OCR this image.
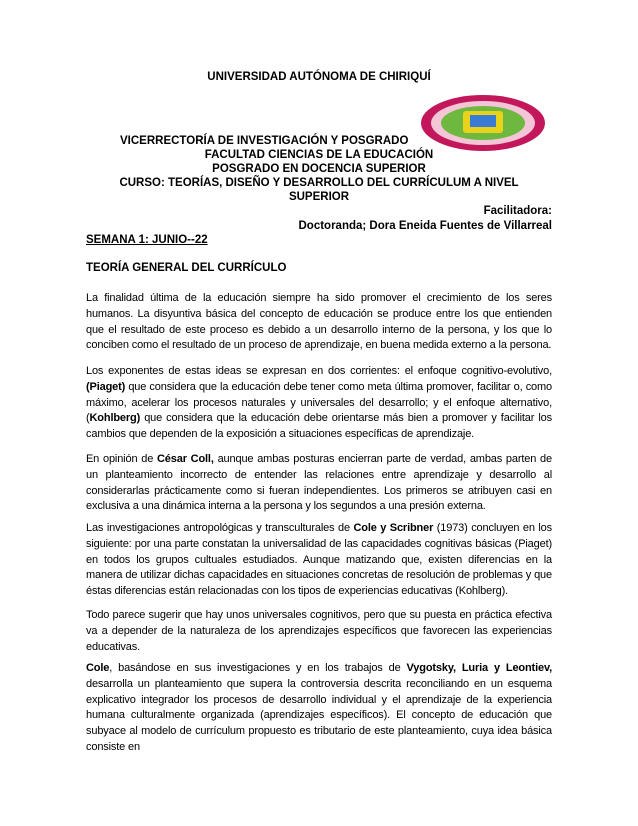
UNIVERSIDAD AUTÓNOMA DE CHIRIQUÍ
VICERRECTORÍA DE INVESTIGACIÓN Y POSGRADO
FACULTAD CIENCIAS DE LA EDUCACIÓN
POSGRADO EN DOCENCIA SUPERIOR
CURSO: TEORÍAS, DISEÑO Y DESARROLLO DEL CURRÍCULUM A NIVEL
SUPERIOR
Facilitadora:
Doctoranda; Dora Eneida Fuentes de Villarreal
SEMANA 1: JUNIO--22
TEORÍA GENERAL DEL CURRÍCULO
La finalidad última de la educación siempre ha sido promover el crecimiento de los seres humanos. La disyuntiva básica del concepto de educación se produce entre los que entienden que el resultado de este proceso es debido a un desarrollo interno de la persona, y los que lo conciben como el resultado de un proceso de aprendizaje, en buena medida externo a la persona.
Los exponentes de estas ideas se expresan en dos corrientes: el enfoque cognitivo-evolutivo, (Piaget) que considera que la educación debe tener como meta última promover, facilitar o, como máximo, acelerar los procesos naturales y universales del desarrollo; y el enfoque alternativo, (Kohlberg) que considera que la educación debe orientarse más bien a promover y facilitar los cambios que dependen de la exposición a situaciones específicas de aprendizaje.
En opinión de César Coll, aunque ambas posturas encierran parte de verdad, ambas parten de un planteamiento incorrecto de entender las relaciones entre aprendizaje y desarrollo al considerarlas prácticamente como si fueran independientes. Los primeros se atribuyen casi en exclusiva a una dinámica interna a la persona y los segundos a una presión externa.
Las investigaciones antropológicas y transculturales de Cole y Scribner (1973) concluyen en los siguiente: por una parte constatan la universalidad de las capacidades cognitivas básicas (Piaget) en todos los grupos cultuales estudiados. Aunque matizando que, existen diferencias en la manera de utilizar dichas capacidades en situaciones concretas de resolución de problemas y que éstas diferencias están relacionadas con los tipos de experiencias educativas (Kohlberg).
Todo parece sugerir que hay unos universales cognitivos, pero que su puesta en práctica efectiva va a depender de la naturaleza de los aprendizajes específicos que favorecen las experiencias educativas.
Cole, basándose en sus investigaciones y en los trabajos de Vygotsky, Luria y Leontiev, desarrolla un planteamiento que supera la controversia descrita reconciliando en un esquema explicativo integrador los procesos de desarrollo individual y el aprendizaje de la experiencia humana culturalmente organizada (aprendizajes específicos). El concepto de educación que subyace al modelo de currículum propuesto es tributario de este planteamiento, cuya idea básica consiste en
